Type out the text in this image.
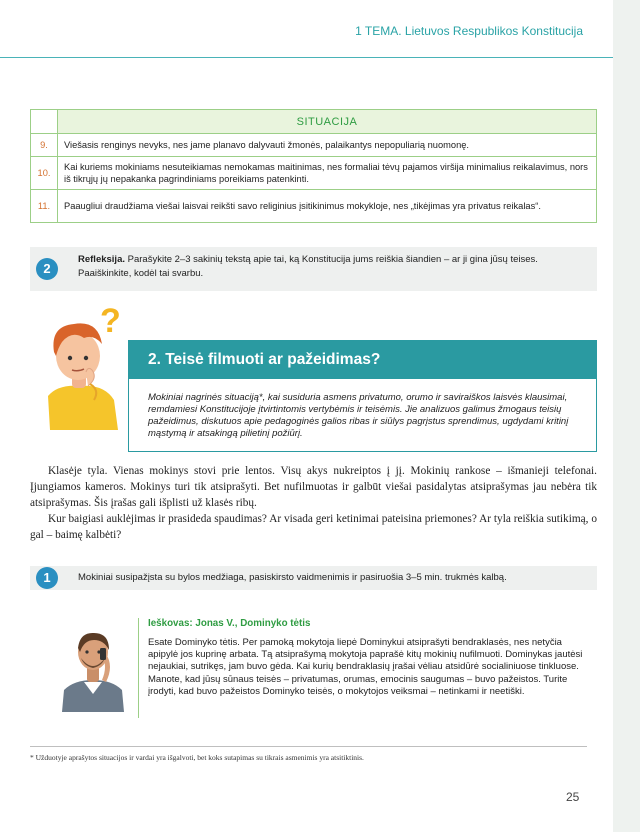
1 TEMA. Lietuvos Respublikos Konstitucija
	SITUACIJA
9.	Viešasis renginys nevyks, nes jame planavo dalyvauti žmonės, palaikantys nepopuliarią nuomonę.
10.	Kai kuriems mokiniams nesuteikiamas nemokamas maitinimas, nes formaliai tėvų pajamos viršija minimalius reikalavimus, nors iš tikrųjų jų nepakanka pagrindiniams poreikiams patenkinti.
11.	Paaugliui draudžiama viešai laisvai reikšti savo religinius įsitikinimus mokykloje, nes „tikėjimas yra privatus reikalas“.
2
Refleksija. Parašykite 2–3 sakinių tekstą apie tai, ką Konstitucija jums reiškia šiandien – ar ji gina jūsų teises. Paaiškinkite, kodėl tai svarbu.
?
2. Teisė filmuoti ar pažeidimas?
Mokiniai nagrinės situaciją*, kai susiduria asmens privatumo, orumo ir saviraiškos laisvės klausimai, remdamiesi Konstitucijoje įtvirtintomis vertybėmis ir teisėmis. Jie analizuos galimus žmogaus teisių pažeidimus, diskutuos apie pedagoginės galios ribas ir siūlys pagrįstus sprendimus, ugdydami kritinį mąstymą ir atsakingą pilietinį požiūrį.

Klasėje tyla. Vienas mokinys stovi prie lentos. Visų akys nukreiptos į jį. Mokinių rankose – išmanieji telefonai. Įjungiamos kameros. Mokinys turi tik atsiprašyti. Bet nufilmuotas ir galbūt viešai pasidalytas atsiprašymas jau nebėra tik atsiprašymas. Šis įrašas gali išplisti už klasės ribų.

Kur baigiasi auklėjimas ir prasideda spaudimas? Ar visada geri ketinimai pateisina priemones? Ar tyla reiškia sutikimą, o gal – baimę kalbėti?

1	Mokiniai susipažįsta su bylos medžiaga, pasiskirsto vaidmenimis ir pasiruošia 3–5 min. trukmės kalbą.
Ieškovas: Jonas V., Dominyko tėtis
Esate Dominyko tėtis. Per pamoką mokytoja liepė Dominykui atsiprašyti bendraklasės, nes netyčia apipylė jos kuprinę arbata. Tą atsiprašymą mokytoja paprašė kitų mokinių nufilmuoti. Dominykas jautėsi nejaukiai, sutrikęs, jam buvo gėda. Kai kurių bendraklasių įrašai vėliau atsidūrė socialiniuose tinkluose. Manote, kad jūsų sūnaus teisės – privatumas, orumas, emocinis saugumas – buvo pažeistos. Turite įrodyti, kad buvo pažeistos Dominyko teisės, o mokytojos veiksmai – netinkami ir neetiški.
* Užduotyje aprašytos situacijos ir vardai yra išgalvoti, bet koks sutapimas su tikrais asmenimis yra atsitiktinis.
25
